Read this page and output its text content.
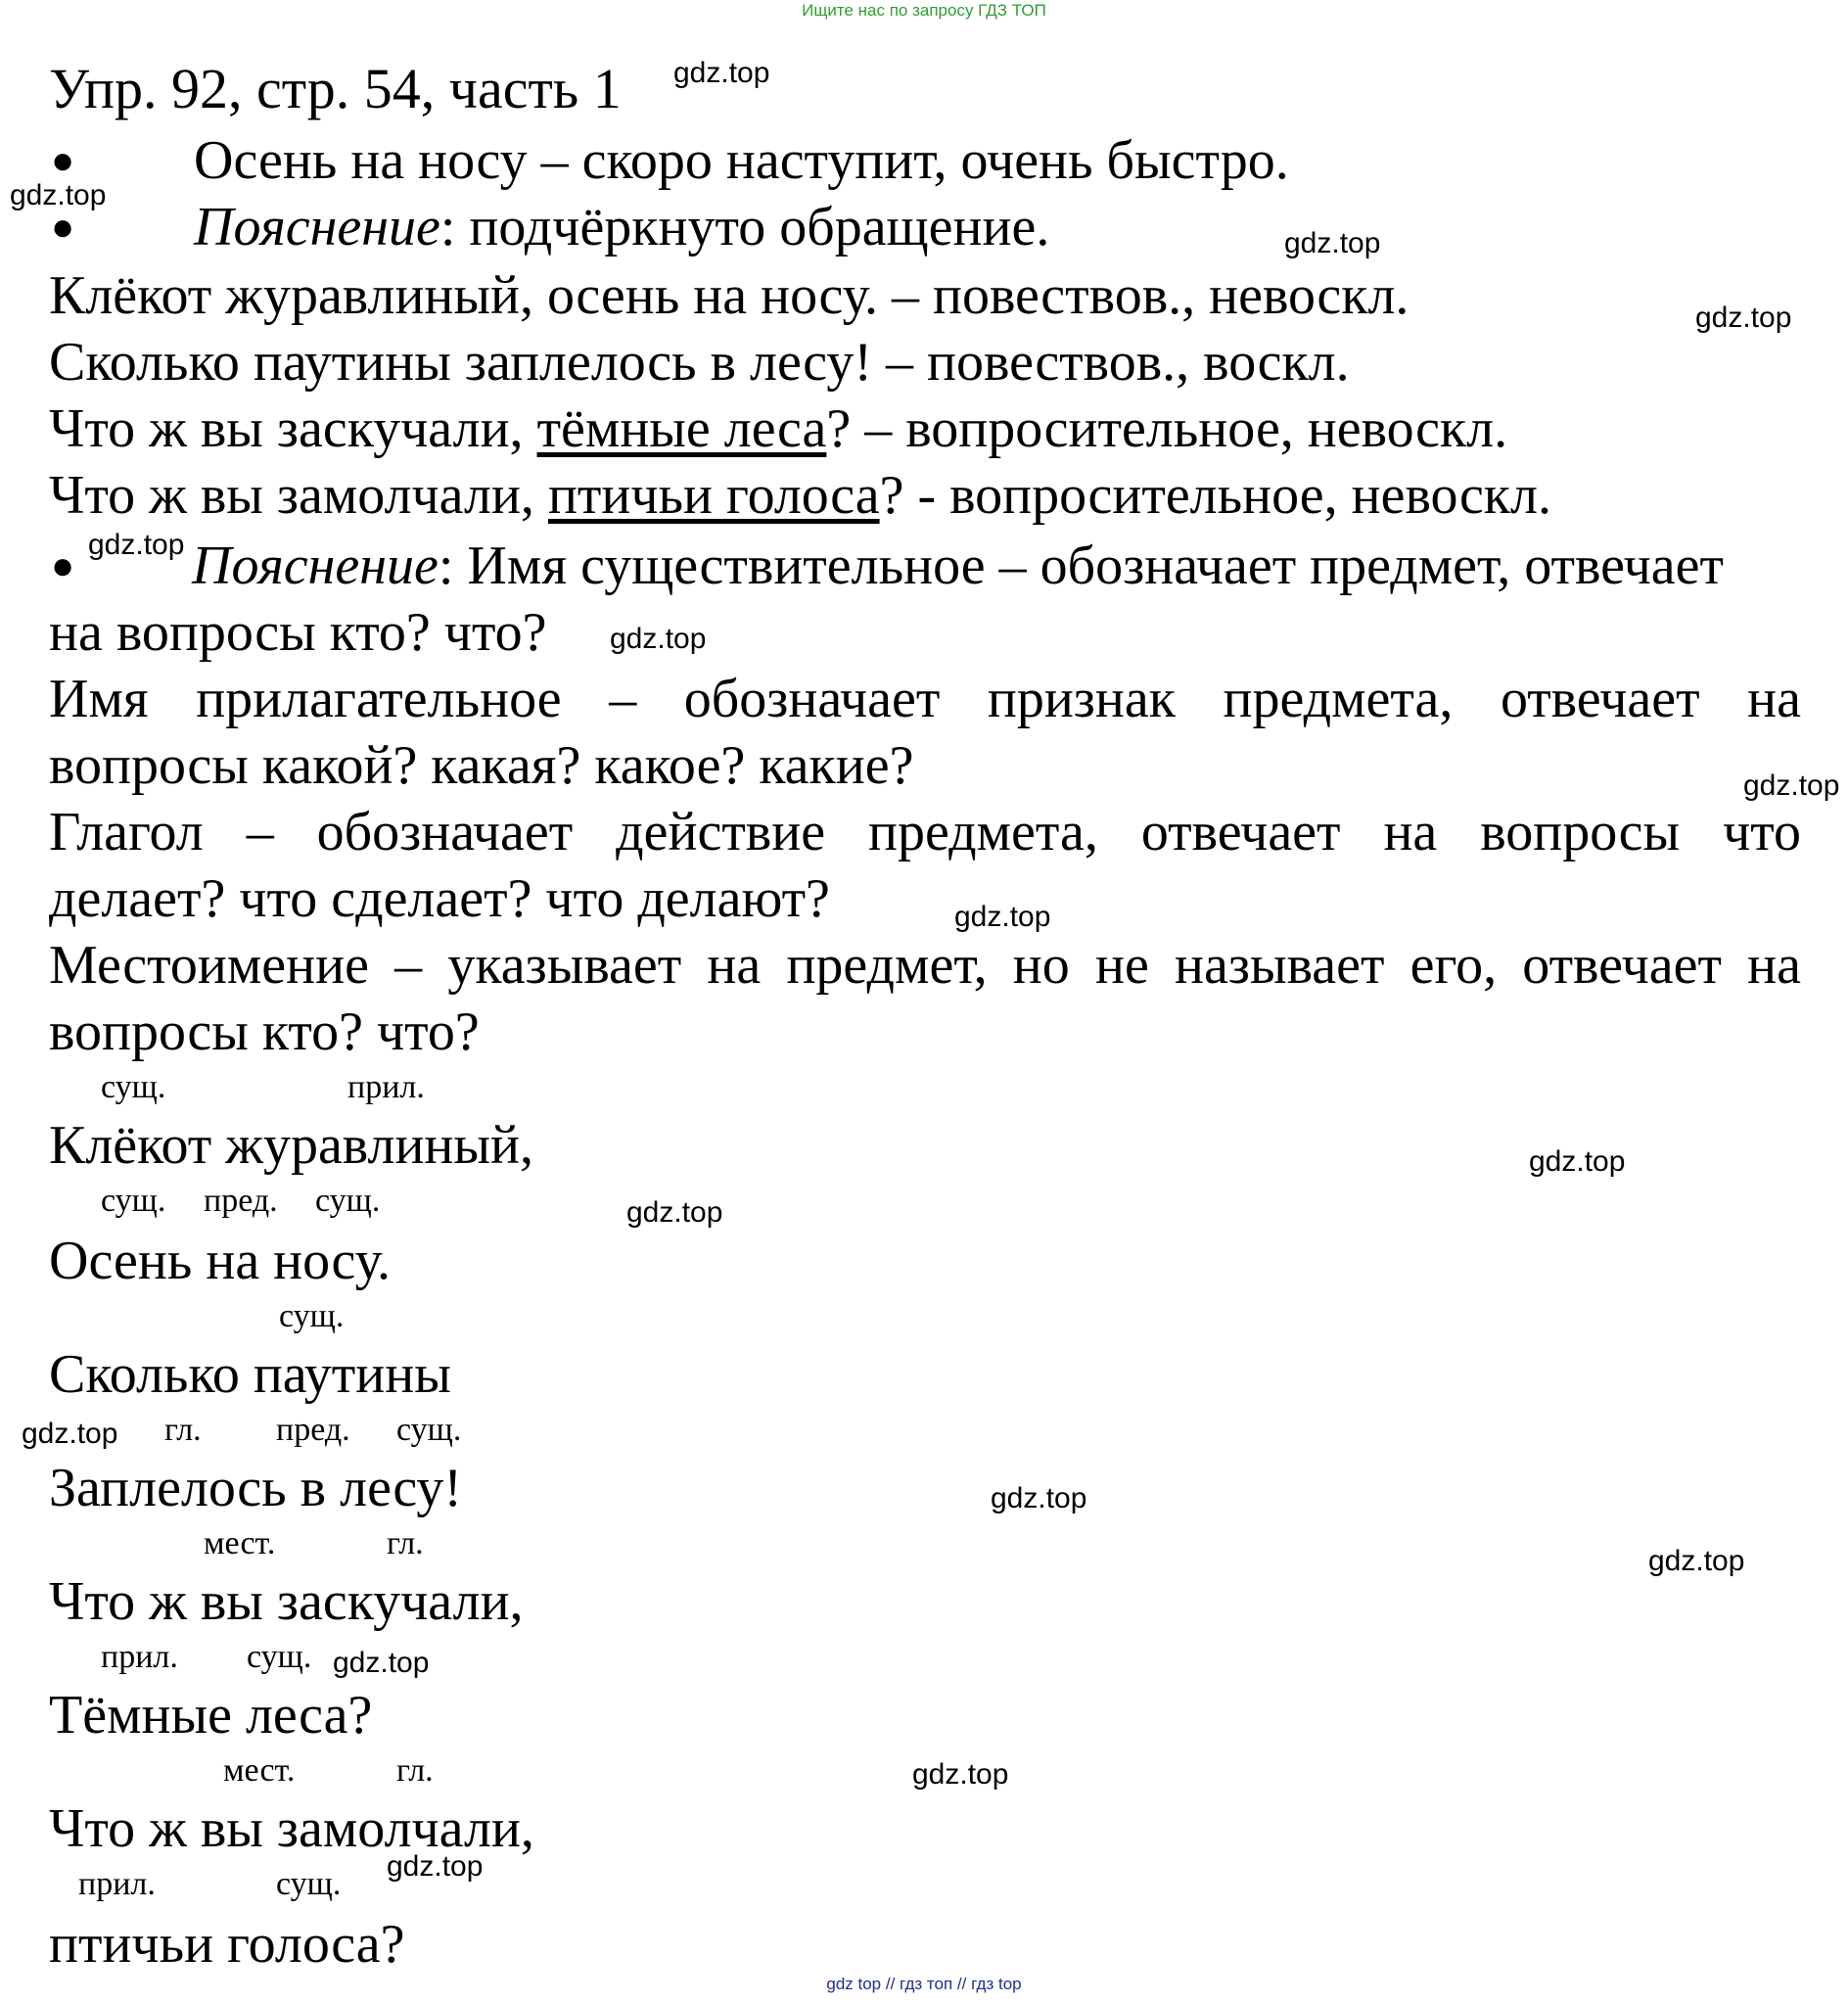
Ищите нас по запросу ГДЗ ТОП
Упр. 92, стр. 54, часть 1
● Осень на носу – скоро наступит, очень быстро.
● Пояснение: подчёркнуто обращение.
Клёкот журавлиный, осень на носу. – повествов., невоскл.
Сколько паутины заплелось в лесу! – повествов., воскл.
Что ж вы заскучали, тёмные леса? – вопросительное, невоскл.
Что ж вы замолчали, птичьи голоса? - вопросительное, невоскл.
● Пояснение: Имя существительное – обозначает предмет, отвечает
на вопросы кто? что?
Имя прилагательное – обозначает признак предмета, отвечает на
вопросы какой? какая? какое? какие?
Глагол – обозначает действие предмета, отвечает на вопросы что
делает? что сделает? что делают?
Местоимение – указывает на предмет, но не называет его, отвечает на
вопросы кто? что?
сущ.	прил.
Клёкот журавлиный,
сущ. пред. сущ.
Осень на носу.
сущ.
Сколько паутины
гл. пред. сущ.
Заплелось в лесу!
мест.	гл.
Что ж вы заскучали,
прил. сущ.
Тёмные леса?
мест.	гл.
Что ж вы замолчали,
прил.	сущ.
птичьи голоса?
gdz.top
gdz.top
gdz.top
gdz.top
gdz.top
gdz.top
gdz.top
gdz.top
gdz.top
gdz.top
gdz.top
gdz.top
gdz.top
gdz.top
gdz.top
gdz.top
gdz top // гдз топ // гдз top
